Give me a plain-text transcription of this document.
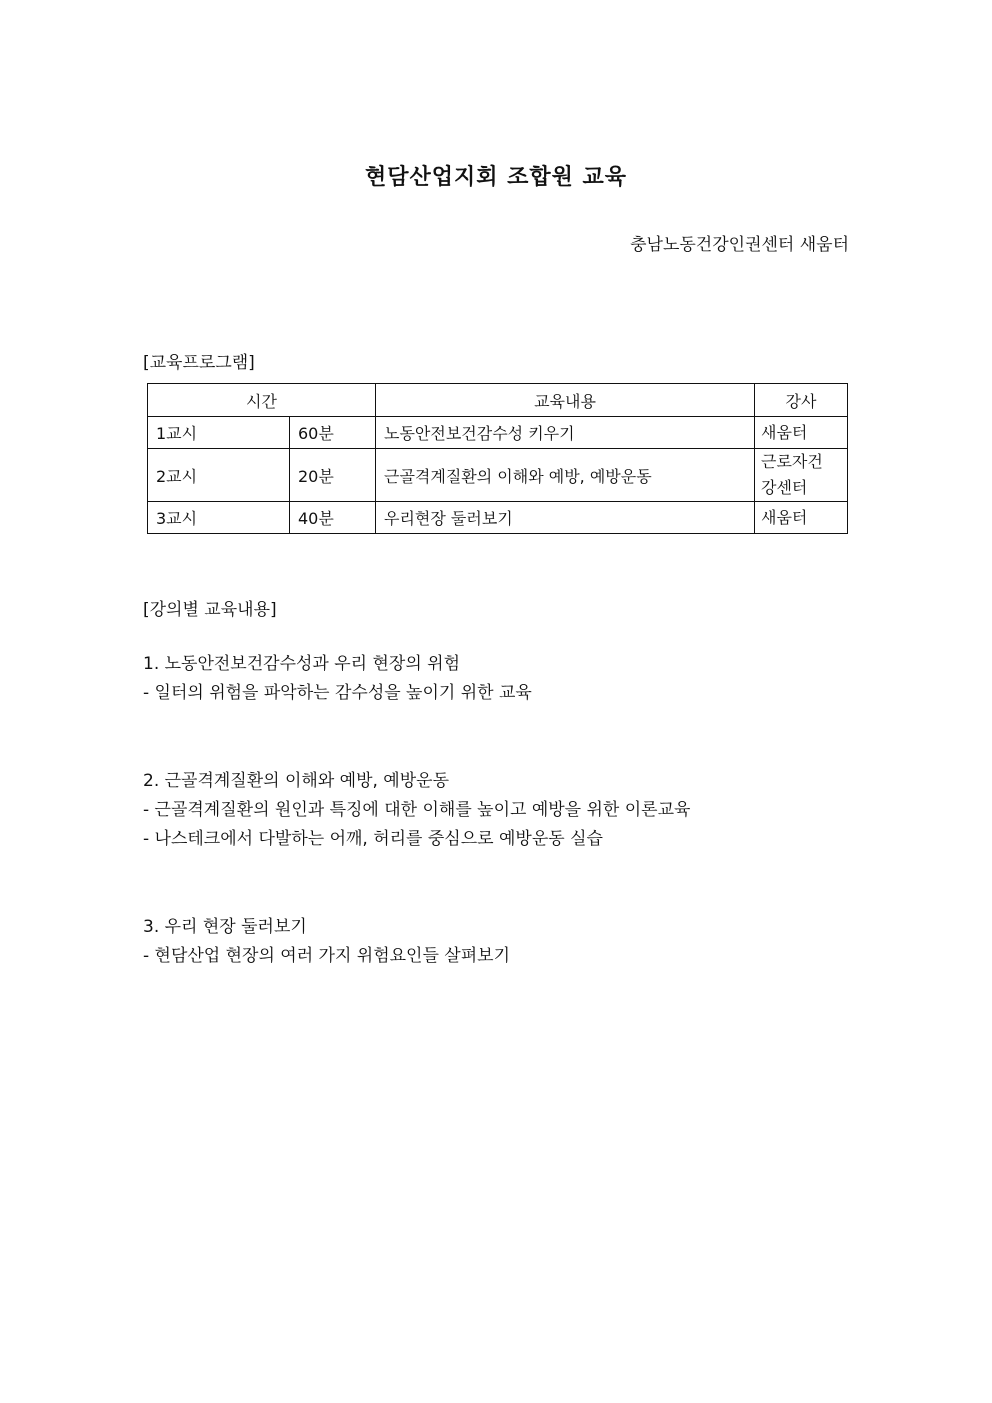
현담산업지회 조합원 교육

충남노동건강인권센터 새움터

[교육프로그램]

시간		교육내용	강사
1교시	60분	노동안전보건감수성 키우기	새움터
2교시	20분	근골격계질환의 이해와 예방, 예방운동	근로자건
강센터
3교시	40분	우리현장 둘러보기	새움터

[강의별 교육내용]

1. 노동안전보건감수성과 우리 현장의 위험

- 일터의 위험을 파악하는 감수성을 높이기 위한 교육

2. 근골격계질환의 이해와 예방, 예방운동

- 근골격계질환의 원인과 특징에 대한 이해를 높이고 예방을 위한 이론교육

- 나스테크에서 다발하는 어깨, 허리를 중심으로 예방운동 실습

3. 우리 현장 둘러보기

- 현담산업 현장의 여러 가지 위험요인들 살펴보기
